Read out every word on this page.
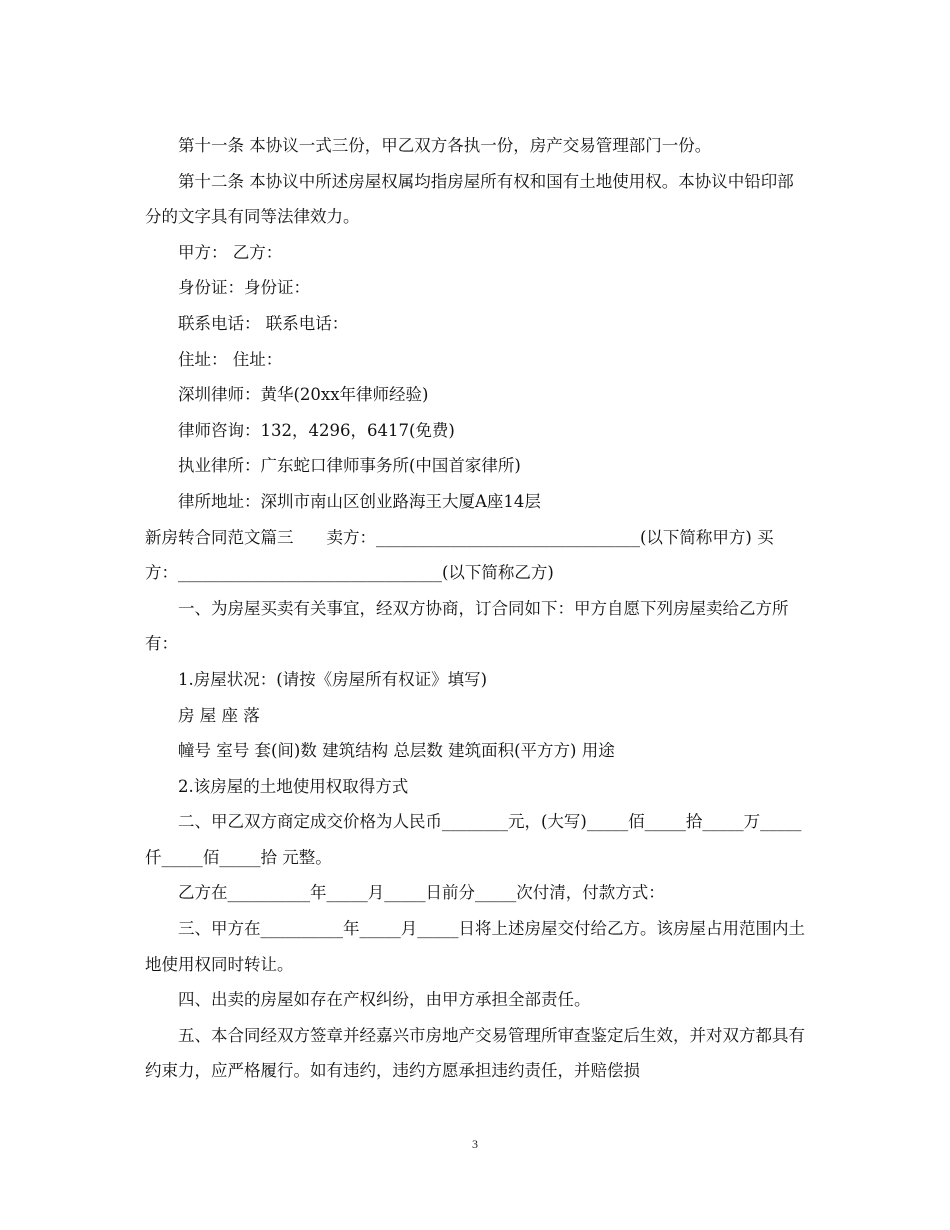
第十一条 本协议一式三份，甲乙双方各执一份，房产交易管理部门一份。

第十二条 本协议中所述房屋权属均指房屋所有权和国有土地使用权。本协议中铅印部分的文字具有同等法律效力。

甲方： 乙方：

身份证：身份证：

联系电话： 联系电话：

住址： 住址：

深圳律师：黄华(20xx年律师经验)

律师咨询：132，4296，6417(免费)

执业律所：广东蛇口律师事务所(中国首家律所)

律所地址：深圳市南山区创业路海王大厦A座14层

新房转合同范文篇三　　卖方：________________________________(以下简称甲方) 买方：________________________________(以下简称乙方)

一、为房屋买卖有关事宜，经双方协商，订合同如下：甲方自愿下列房屋卖给乙方所有：

1.房屋状况：(请按《房屋所有权证》填写)

房 屋 座 落

幢号 室号 套(间)数 建筑结构 总层数 建筑面积(平方方) 用途

2.该房屋的土地使用权取得方式

二、甲乙双方商定成交价格为人民币________元，(大写)_____佰_____拾_____万_____仟_____佰_____拾 元整。

乙方在__________年_____月_____日前分_____次付清，付款方式：

三、甲方在__________年_____月_____日将上述房屋交付给乙方。该房屋占用范围内土地使用权同时转让。

四、出卖的房屋如存在产权纠纷，由甲方承担全部责任。

五、本合同经双方签章并经嘉兴市房地产交易管理所审查鉴定后生效，并对双方都具有约束力，应严格履行。如有违约，违约方愿承担违约责任，并赔偿损

3
